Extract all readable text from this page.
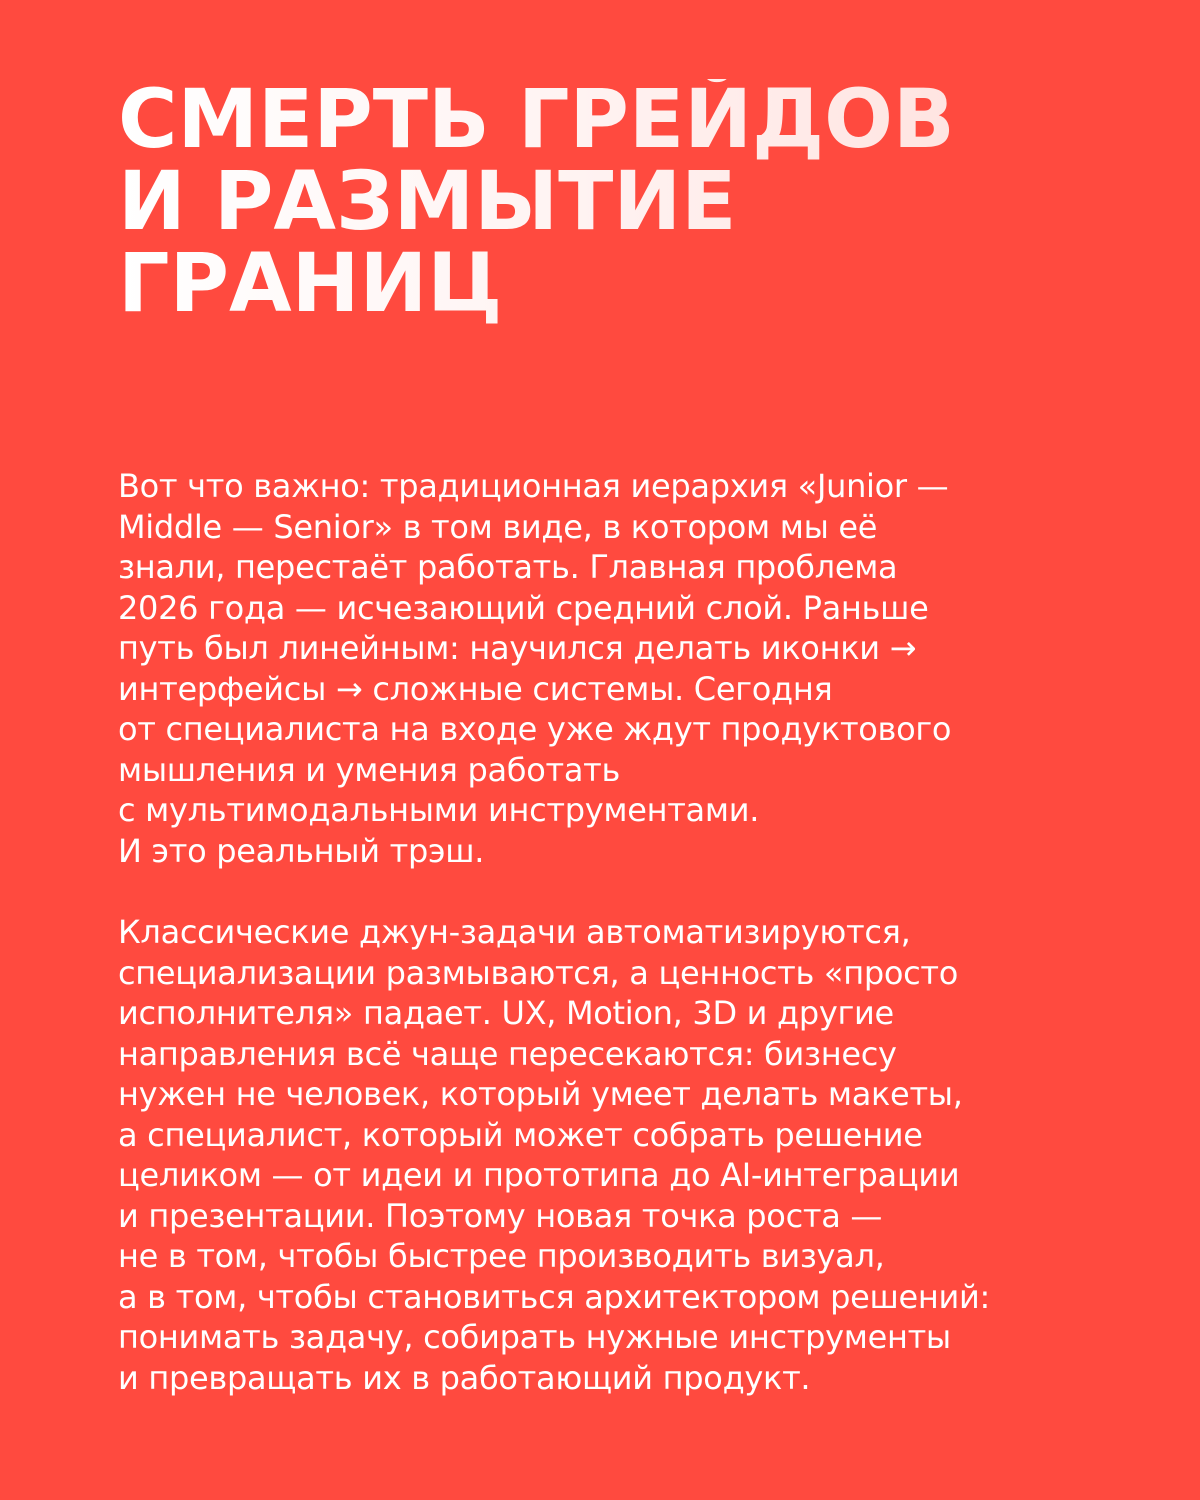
СМЕРТЬ ГРЕЙДОВ
И РАЗМЫТИЕ
ГРАНИЦ

Вот что важно: традиционная иерархия «Junior —
Middle — Senior» в том виде, в котором мы её
знали, перестаёт работать. Главная проблема
2026 года — исчезающий средний слой. Раньше
путь был линейным: научился делать иконки →
интерфейсы → сложные системы. Сегодня
от специалиста на входе уже ждут продуктового
мышления и умения работать
с мультимодальными инструментами.
И это реальный трэш.

Классические джун-задачи автоматизируются,
специализации размываются, а ценность «просто
исполнителя» падает. UX, Motion, 3D и другие
направления всё чаще пересекаются: бизнесу
нужен не человек, который умеет делать макеты,
а специалист, который может собрать решение
целиком — от идеи и прототипа до AI-интеграции
и презентации. Поэтому новая точка роста —
не в том, чтобы быстрее производить визуал,
а в том, чтобы становиться архитектором решений:
понимать задачу, собирать нужные инструменты
и превращать их в работающий продукт.
